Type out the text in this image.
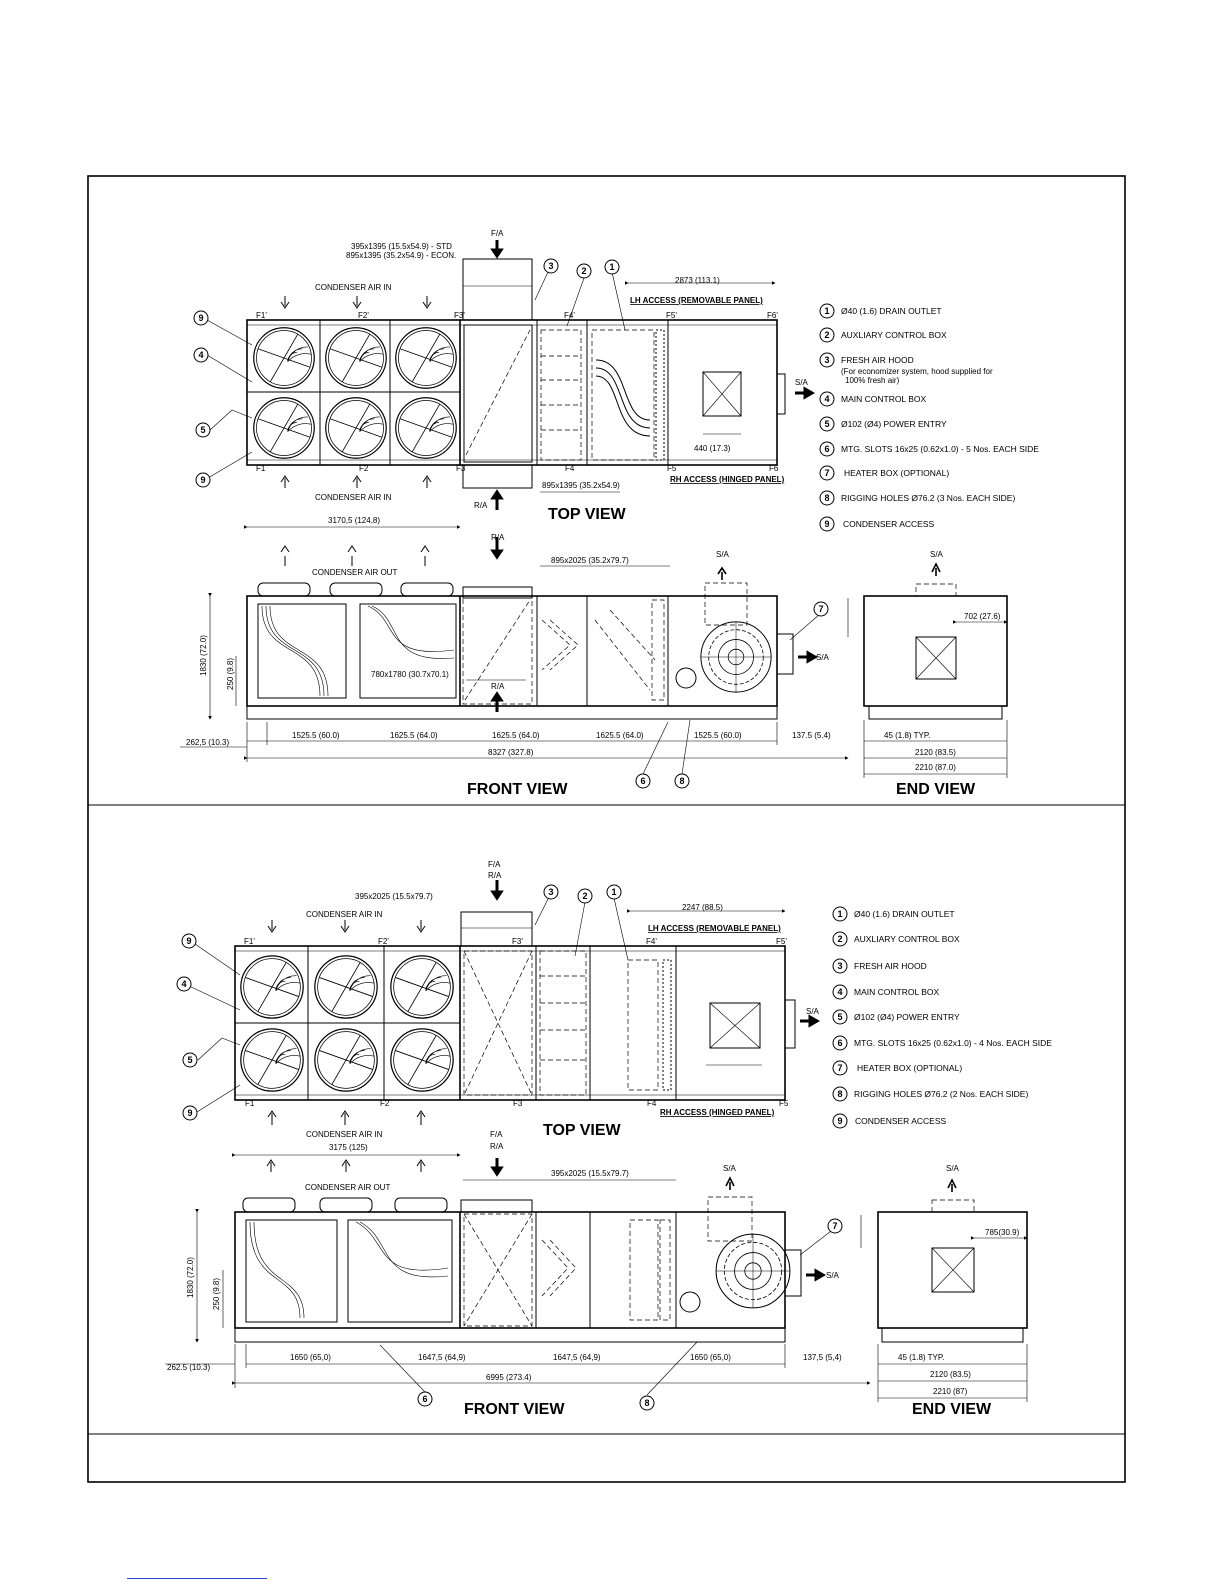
F/A
395x1395 (15.5x54.9) - STD
895x1395 (35.2x54.9) - ECON.
CONDENSER AIR IN
CONDENSER AIR IN
R/A
S/A
895x1395 (35.2x54.9)
2873 (113.1)
440 (17.3)
LH ACCESS (REMOVABLE PANEL)
RH ACCESS (HINGED PANEL)
TOP VIEW
F1'	F2'	F3'	F4'	F5'	F6'
F1	F2	F3	F4	F5	F6
9
4
5
9
3	2	1
1 Ø40 (1.6) DRAIN OUTLET
2 AUXLIARY CONTROL BOX
3 FRESH AIR HOOD
(For economizer system, hood supplied for
100% fresh air)
4 MAIN CONTROL BOX
5 Ø102 (Ø4) POWER ENTRY
6 MTG. SLOTS 16x25 (0.62x1.0) - 5 Nos. EACH SIDE
7 HEATER BOX (OPTIONAL)
8 RIGGING HOLES Ø76.2 (3 Nos. EACH SIDE)
9 CONDENSER ACCESS
3170,5 (124,8)
R/A
895x2025 (35.2x79.7)
CONDENSER AIR OUT
S/A
S/A
1830 (72.0) 250 (9.8)	R/A
780x1780 (30.7x70.1)
1525.5 (60.0)	1625.5 (64.0)	1625.5 (64.0)	1625.5 (64.0)	1525.5 (60.0)
262,5 (10.3)
137.5 (5.4)
8327 (327.8)
FRONT VIEW	6	8
7
S/A
702 (27.6)
45 (1.8) TYP.
2120 (83.5)
2210 (87.0)
END VIEW
F/A
R/A
395x2025 (15.5x79.7)
CONDENSER AIR IN
CONDENSER AIR IN
S/A
2247 (88.5)
LH ACCESS (REMOVABLE PANEL)
RH ACCESS (HINGED PANEL)
TOP VIEW
F1'	F2'	F3'	F4'	F5'
F1	F2	F3	F4	F5
9
4
5
9
3	2	1
1 Ø40 (1.6) DRAIN OUTLET
2 AUXLIARY CONTROL BOX
3 FRESH AIR HOOD
4 MAIN CONTROL BOX
5 Ø102 (Ø4) POWER ENTRY
6 MTG. SLOTS 16x25 (0.62x1.0) - 4 Nos. EACH SIDE
7 HEATER BOX (OPTIONAL)
8 RIGGING HOLES Ø76.2 (2 Nos. EACH SIDE)
9 CONDENSER ACCESS
3175 (125)
F/A
R/A
395x2025 (15.5x79.7)
CONDENSER AIR OUT
S/A
S/A
1830 (72.0) 250 (9.8)
1650 (65,0)	1647,5 (64,9)	1647,5 (64,9)	1650 (65,0)
262.5 (10.3)
137,5 (5,4)
6995 (273.4)
FRONT VIEW
6	8
7
S/A
785(30.9)
45 (1.8) TYP.
2120 (83.5)
2210 (87)
END VIEW
